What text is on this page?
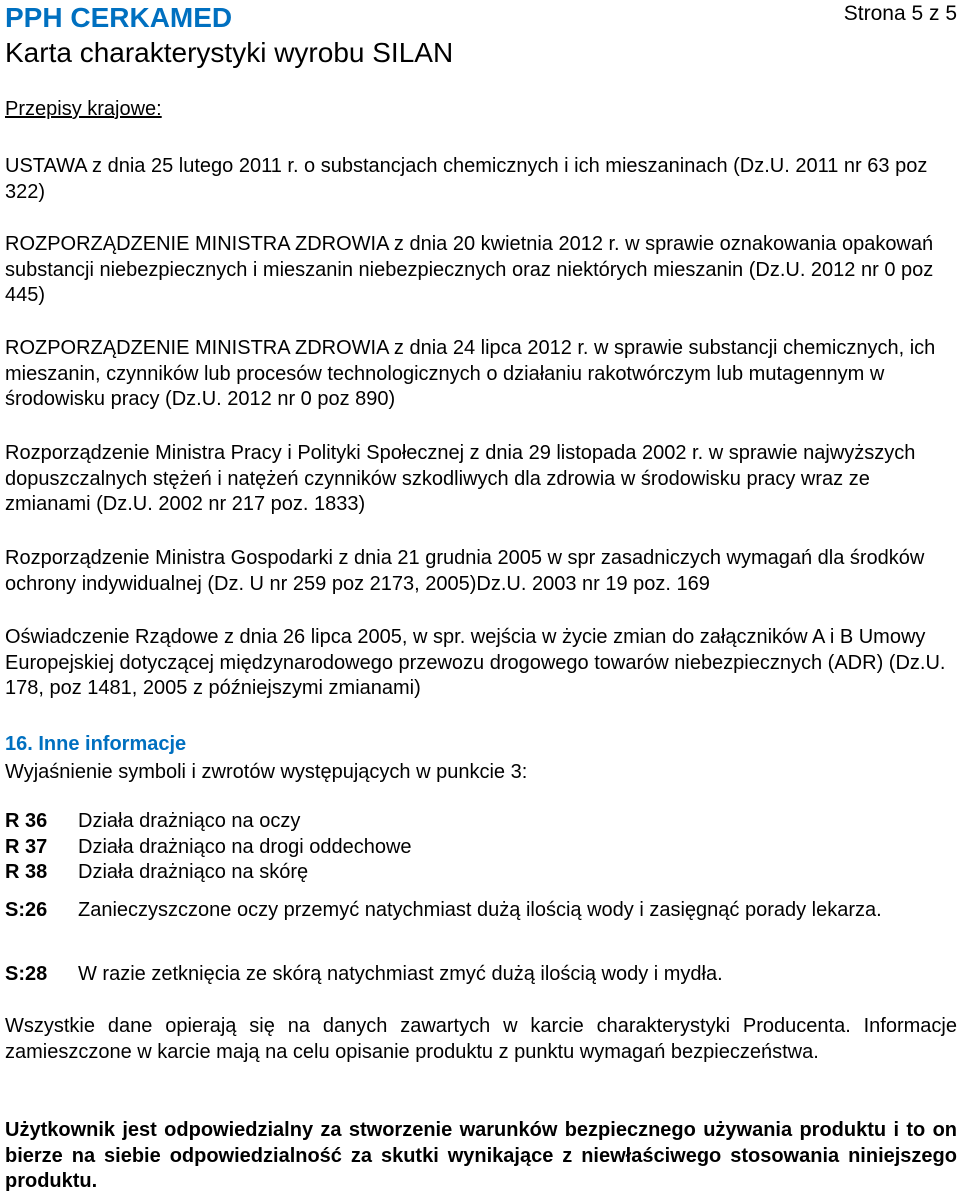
PPH CERKAMED	Strona 5 z 5
Karta charakterystyki wyrobu SILAN
Przepisy krajowe:

USTAWA z dnia 25 lutego 2011 r. o substancjach chemicznych i ich mieszaninach (Dz.U. 2011 nr 63 poz 322)

ROZPORZĄDZENIE MINISTRA ZDROWIA z dnia 20 kwietnia 2012 r. w sprawie oznakowania opakowań substancji niebezpiecznych i mieszanin niebezpiecznych oraz niektórych mieszanin (Dz.U. 2012 nr 0 poz 445)

ROZPORZĄDZENIE MINISTRA ZDROWIA z dnia 24 lipca 2012 r. w sprawie substancji chemicznych, ich mieszanin, czynników lub procesów technologicznych o działaniu rakotwórczym lub mutagennym w środowisku pracy (Dz.U. 2012 nr 0 poz 890)

Rozporządzenie Ministra Pracy i Polityki Społecznej z dnia 29 listopada 2002 r. w sprawie najwyższych dopuszczalnych stężeń i natężeń czynników szkodliwych dla zdrowia w środowisku pracy wraz ze zmianami (Dz.U. 2002 nr 217 poz. 1833)

Rozporządzenie Ministra Gospodarki z dnia 21 grudnia 2005 w spr zasadniczych wymagań dla środków ochrony indywidualnej (Dz. U nr 259 poz 2173, 2005)Dz.U. 2003 nr 19 poz. 169

Oświadczenie Rządowe z dnia 26 lipca 2005, w spr. wejścia w życie zmian do załączników A i B Umowy Europejskiej dotyczącej międzynarodowego przewozu drogowego towarów niebezpiecznych (ADR) (Dz.U. 178, poz 1481, 2005 z późniejszymi zmianami)

16. Inne informacje
Wyjaśnienie symboli i zwrotów występujących w punkcie 3:
R 36	Działa drażniąco na oczy
R 37	Działa drażniąco na drogi oddechowe
R 38	Działa drażniąco na skórę
S:26	Zanieczyszczone oczy przemyć natychmiast dużą ilością wody i zasięgnąć porady lekarza.
S:28	W razie zetknięcia ze skórą natychmiast zmyć dużą ilością wody i mydła.

Wszystkie dane opierają się na danych zawartych w karcie charakterystyki Producenta. Informacje zamieszczone w karcie mają na celu opisanie produktu z punktu wymagań bezpieczeństwa.

Użytkownik jest odpowiedzialny za stworzenie warunków bezpiecznego używania produktu i to on bierze na siebie odpowiedzialność za skutki wynikające z niewłaściwego stosowania niniejszego produktu.
